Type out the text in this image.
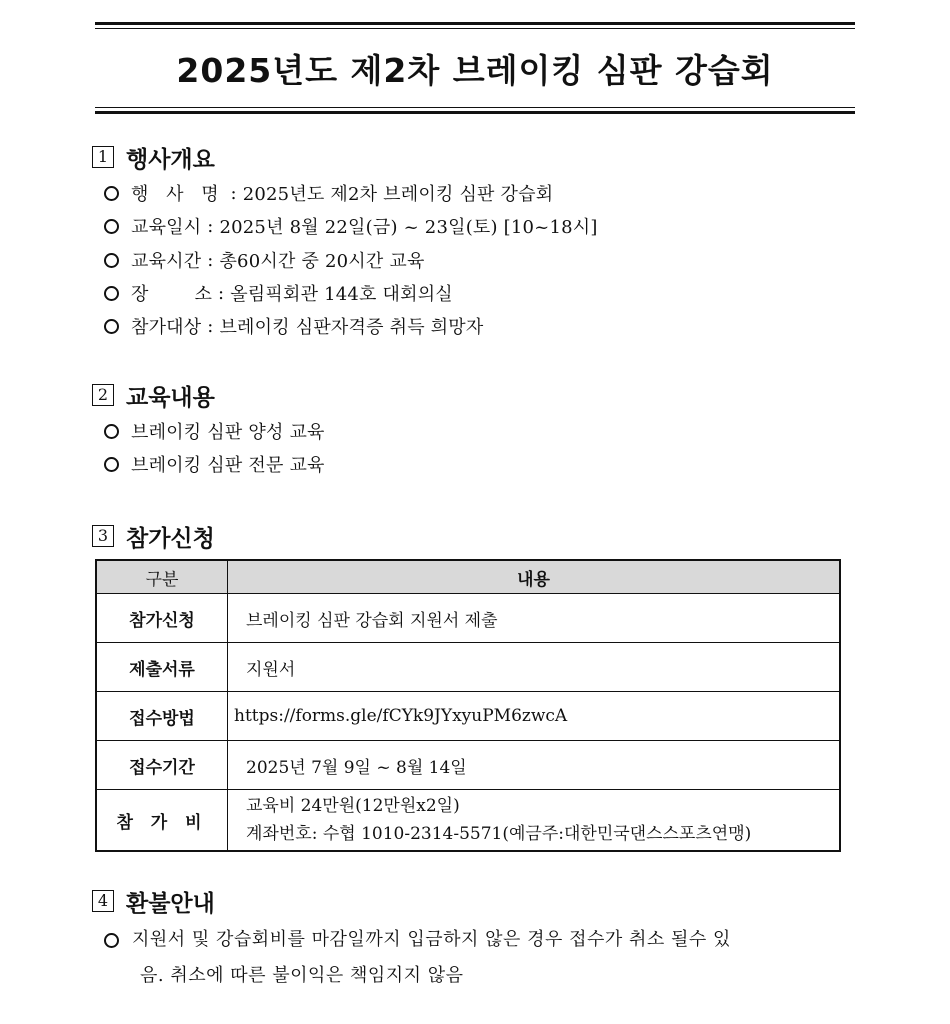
2025년도 제2차 브레이킹 심판 강습회
1 행사개요
행 사 명 : 2025년도 제2차 브레이킹 심판 강습회
교육일시 : 2025년 8월 22일(금) ~ 23일(토) [10~18시]
교육시간 : 총60시간 중 20시간 교육
장 소 : 올림픽회관 144호 대회의실
참가대상 : 브레이킹 심판자격증 취득 희망자
2 교육내용
브레이킹 심판 양성 교육
브레이킹 심판 전문 교육
3 참가신청
구분	내용
참가신청	브레이킹 심판 강습회 지원서 제출
제출서류	지원서
접수방법	https://forms.gle/fCYk9JYxyuPM6zwcA
접수기간	2025년 7월 9일 ~ 8월 14일
참 가 비	교육비 24만원(12만원x2일)
계좌번호: 수협 1010-2314-5571(예금주:대한민국댄스스포츠연맹)
4 환불안내
지원서 및 강습회비를 마감일까지 입금하지 않은 경우 접수가 취소 될수 있
음. 취소에 따른 불이익은 책임지지 않음
